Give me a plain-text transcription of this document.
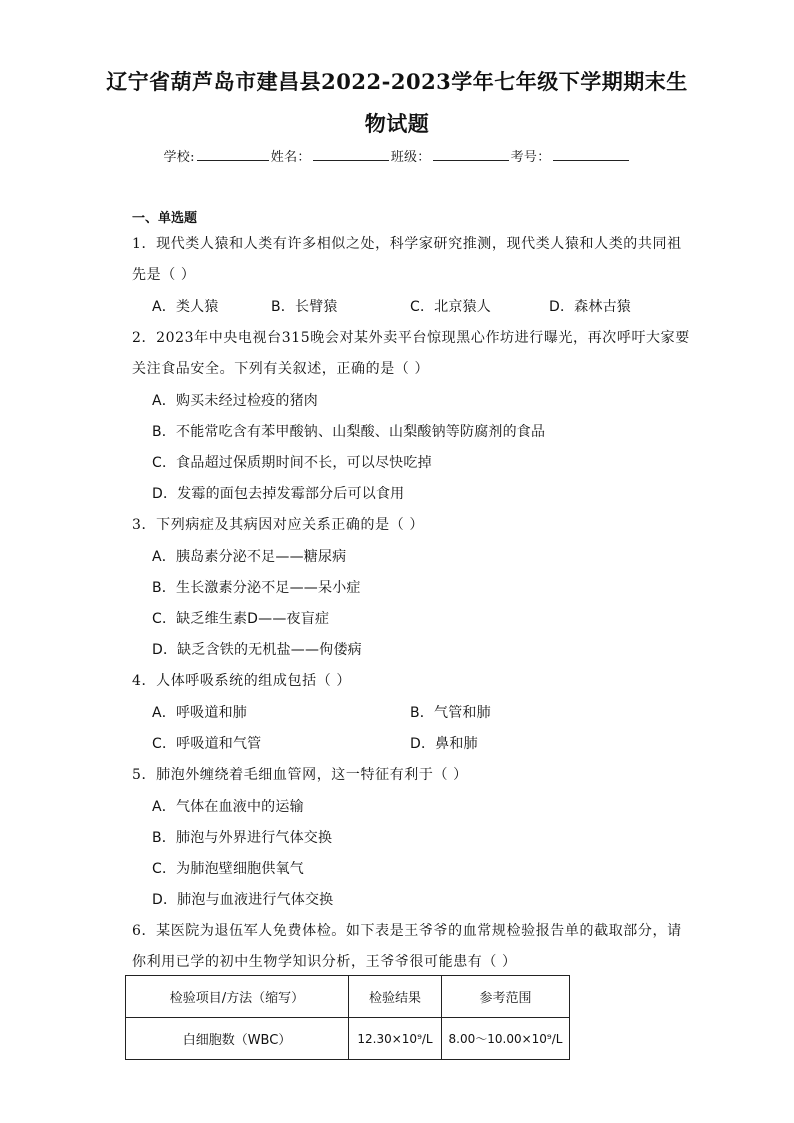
辽宁省葫芦岛市建昌县2022-2023学年七年级下学期期末生
物试题
学校:	姓名：	班级：	考号：
一、单选题
1．现代类人猿和人类有许多相似之处，科学家研究推测，现代类人猿和人类的共同祖
先是（ ）
A．类人猿	B．长臂猿	C．北京猿人	D．森林古猿
2．2023年中央电视台315晚会对某外卖平台惊现黑心作坊进行曝光，再次呼吁大家要
关注食品安全。下列有关叙述，正确的是（ ）
A．购买未经过检疫的猪肉
B．不能常吃含有苯甲酸钠、山梨酸、山梨酸钠等防腐剂的食品
C．食品超过保质期时间不长，可以尽快吃掉
D．发霉的面包去掉发霉部分后可以食用
3．下列病症及其病因对应关系正确的是（ ）
A．胰岛素分泌不足——糖尿病
B．生长激素分泌不足——呆小症
C．缺乏维生素D——夜盲症
D．缺乏含铁的无机盐——佝偻病
4．人体呼吸系统的组成包括（ ）
A．呼吸道和肺	B．气管和肺
C．呼吸道和气管	D．鼻和肺
5．肺泡外缠绕着毛细血管网，这一特征有利于（ ）
A．气体在血液中的运输
B．肺泡与外界进行气体交换
C．为肺泡壁细胞供氧气
D．肺泡与血液进行气体交换
6．某医院为退伍军人免费体检。如下表是王爷爷的血常规检验报告单的截取部分，请
你利用已学的初中生物学知识分析，王爷爷很可能患有（ ）
检验项目/方法（缩写）	检验结果	参考范围
白细胞数（WBC）	12.30×10⁹/L	8.00～10.00×10⁹/L
